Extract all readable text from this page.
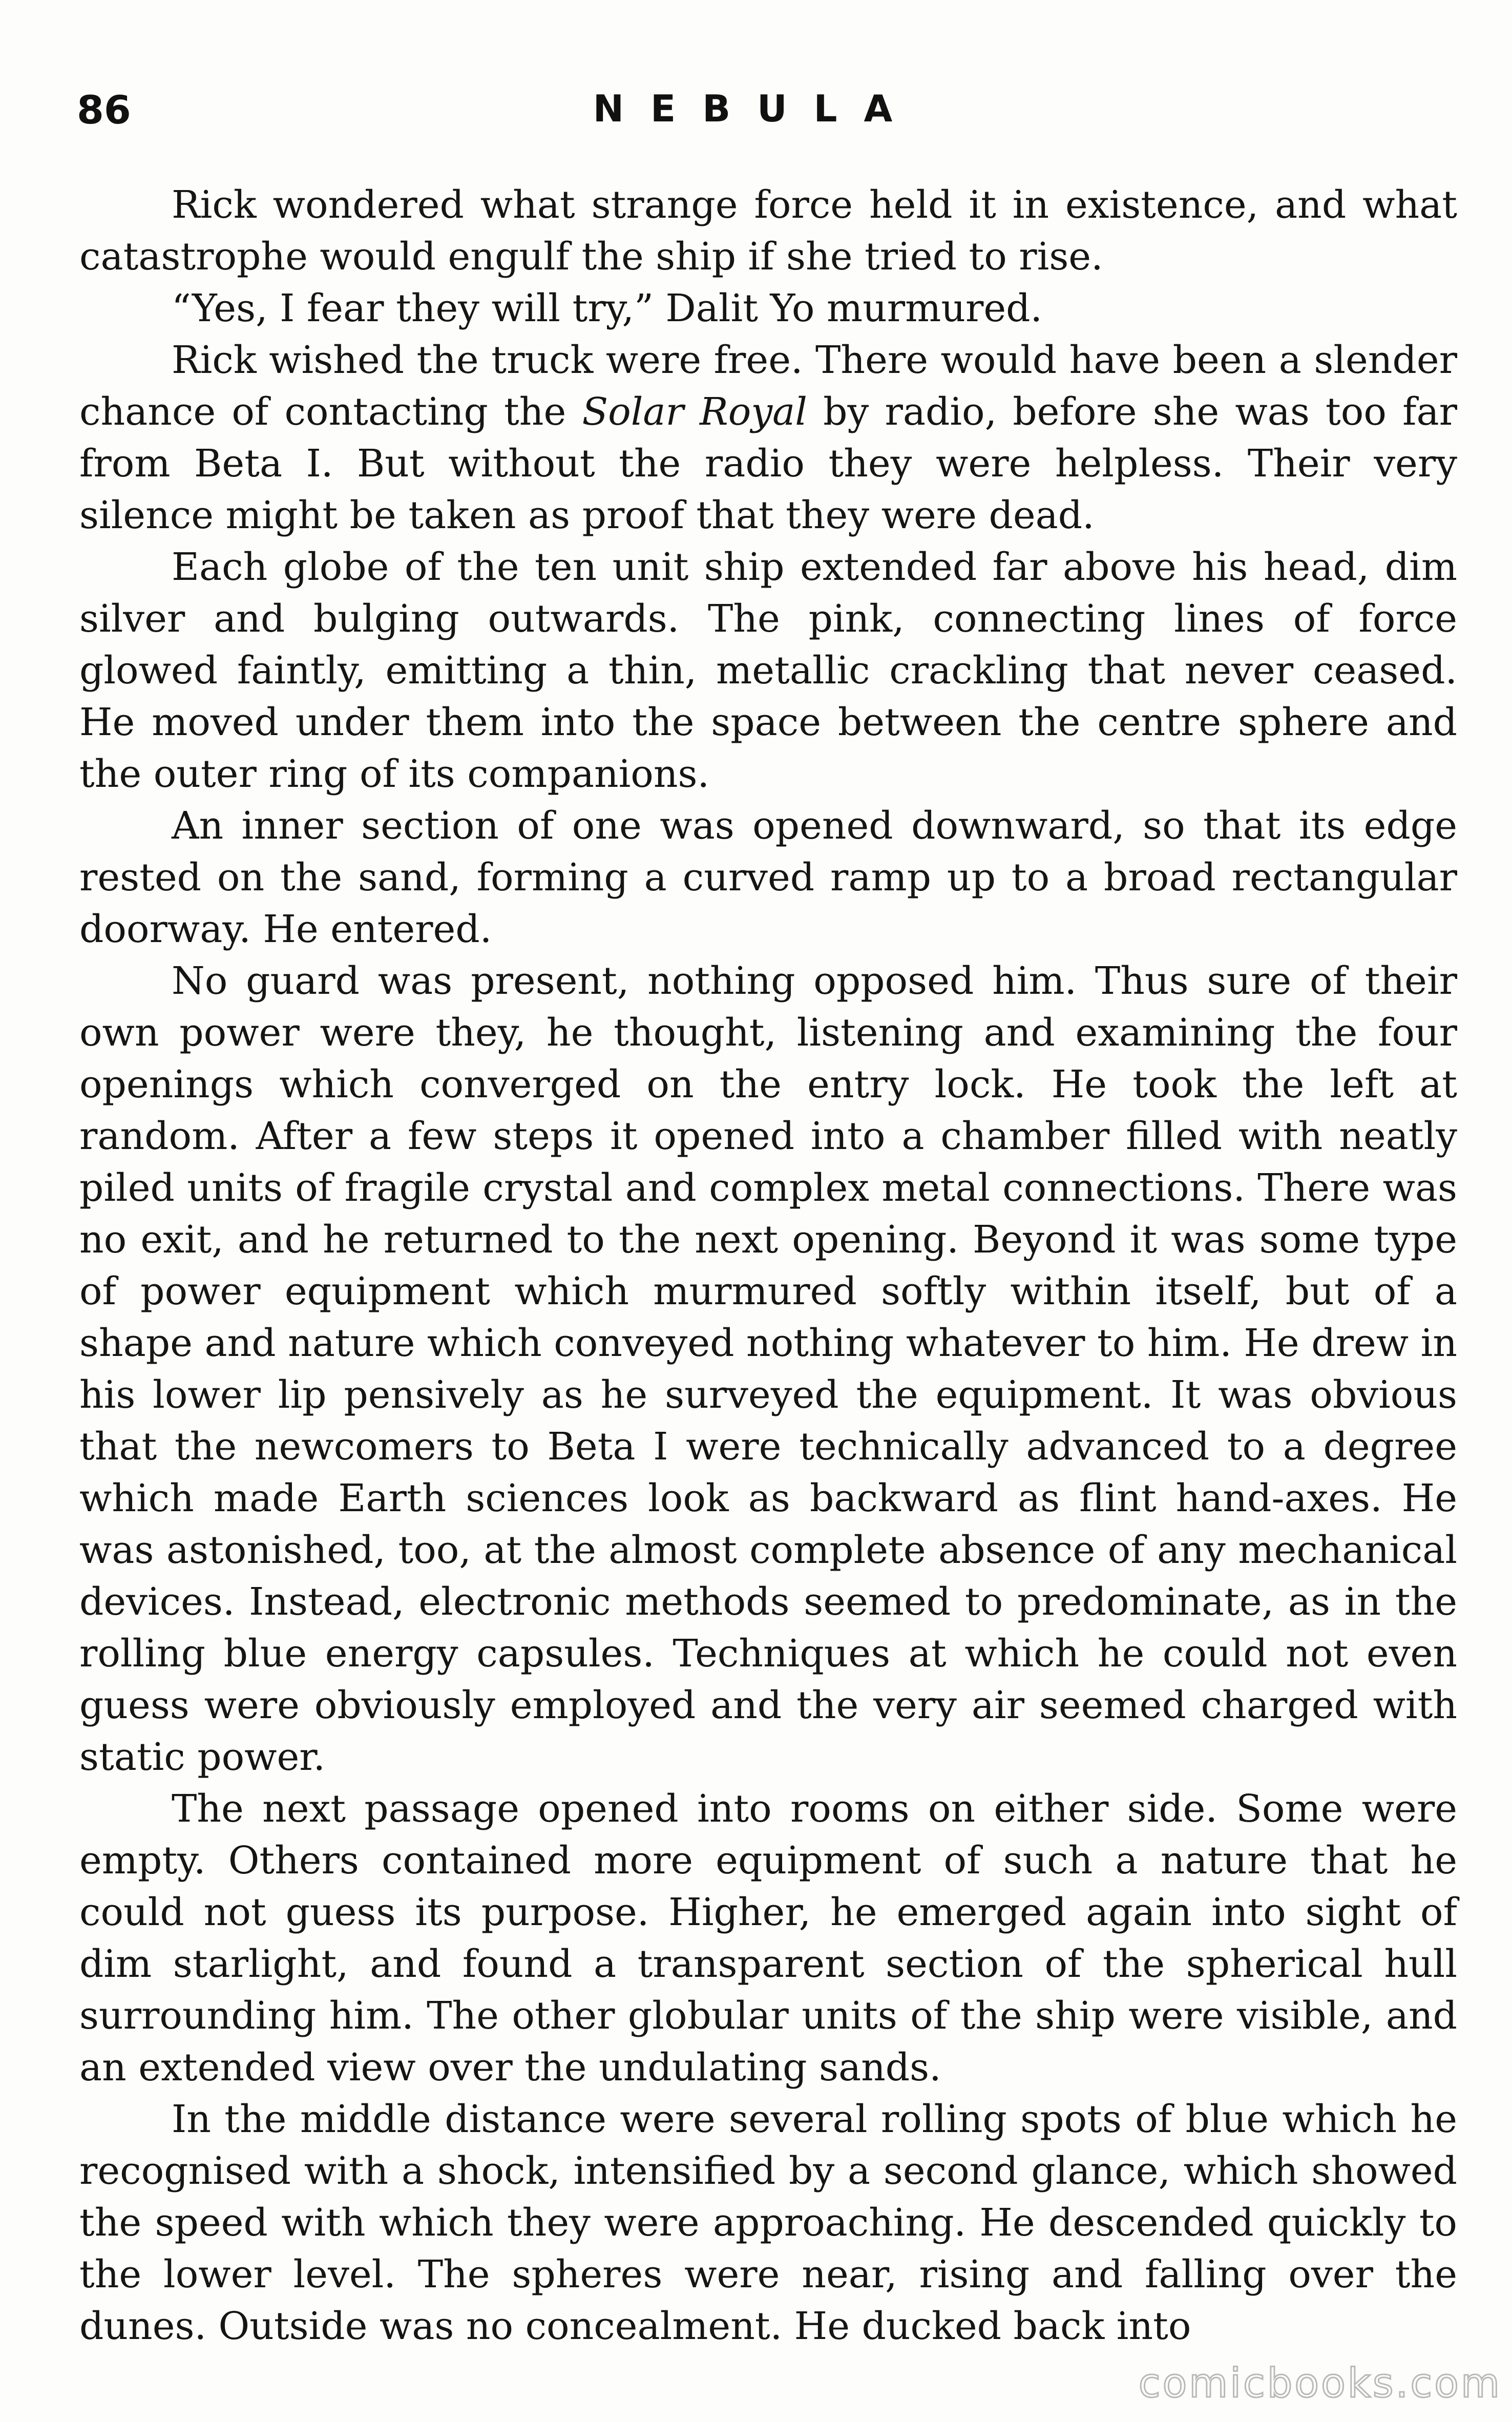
86	NEBULA

Rick wondered what strange force held it in existence, and what catastrophe would engulf the ship if she tried to rise.

“Yes, I fear they will try,” Dalit Yo murmured.

Rick wished the truck were free. There would have been a slender chance of contacting the Solar Royal by radio, before she was too far from Beta I. But without the radio they were helpless. Their very silence might be taken as proof that they were dead.

Each globe of the ten unit ship extended far above his head, dim silver and bulging outwards. The pink, connecting lines of force glowed faintly, emitting a thin, metallic crackling that never ceased. He moved under them into the space between the centre sphere and the outer ring of its companions.

An inner section of one was opened downward, so that its edge rested on the sand, forming a curved ramp up to a broad rectangular doorway. He entered.

No guard was present, nothing opposed him. Thus sure of their own power were they, he thought, listening and examining the four openings which converged on the entry lock. He took the left at random. After a few steps it opened into a chamber filled with neatly piled units of fragile crystal and complex metal connections. There was no exit, and he returned to the next opening. Beyond it was some type of power equipment which murmured softly within itself, but of a shape and nature which conveyed nothing whatever to him. He drew in his lower lip pensively as he surveyed the equipment. It was obvious that the newcomers to Beta I were technically advanced to a degree which made Earth sciences look as backward as flint hand-axes. He was astonished, too, at the almost complete absence of any mechanical devices. Instead, electronic methods seemed to predominate, as in the rolling blue energy capsules. Techniques at which he could not even guess were obviously employed and the very air seemed charged with static power.

The next passage opened into rooms on either side. Some were empty. Others contained more equipment of such a nature that he could not guess its purpose. Higher, he emerged again into sight of dim starlight, and found a transparent section of the spherical hull surrounding him. The other globular units of the ship were visible, and an extended view over the undulating sands.

In the middle distance were several rolling spots of blue which he recognised with a shock, intensified by a second glance, which showed the speed with which they were approaching. He descended quickly to the lower level. The spheres were near, rising and falling over the dunes. Outside was no concealment. He ducked back into

comicbooks.com
